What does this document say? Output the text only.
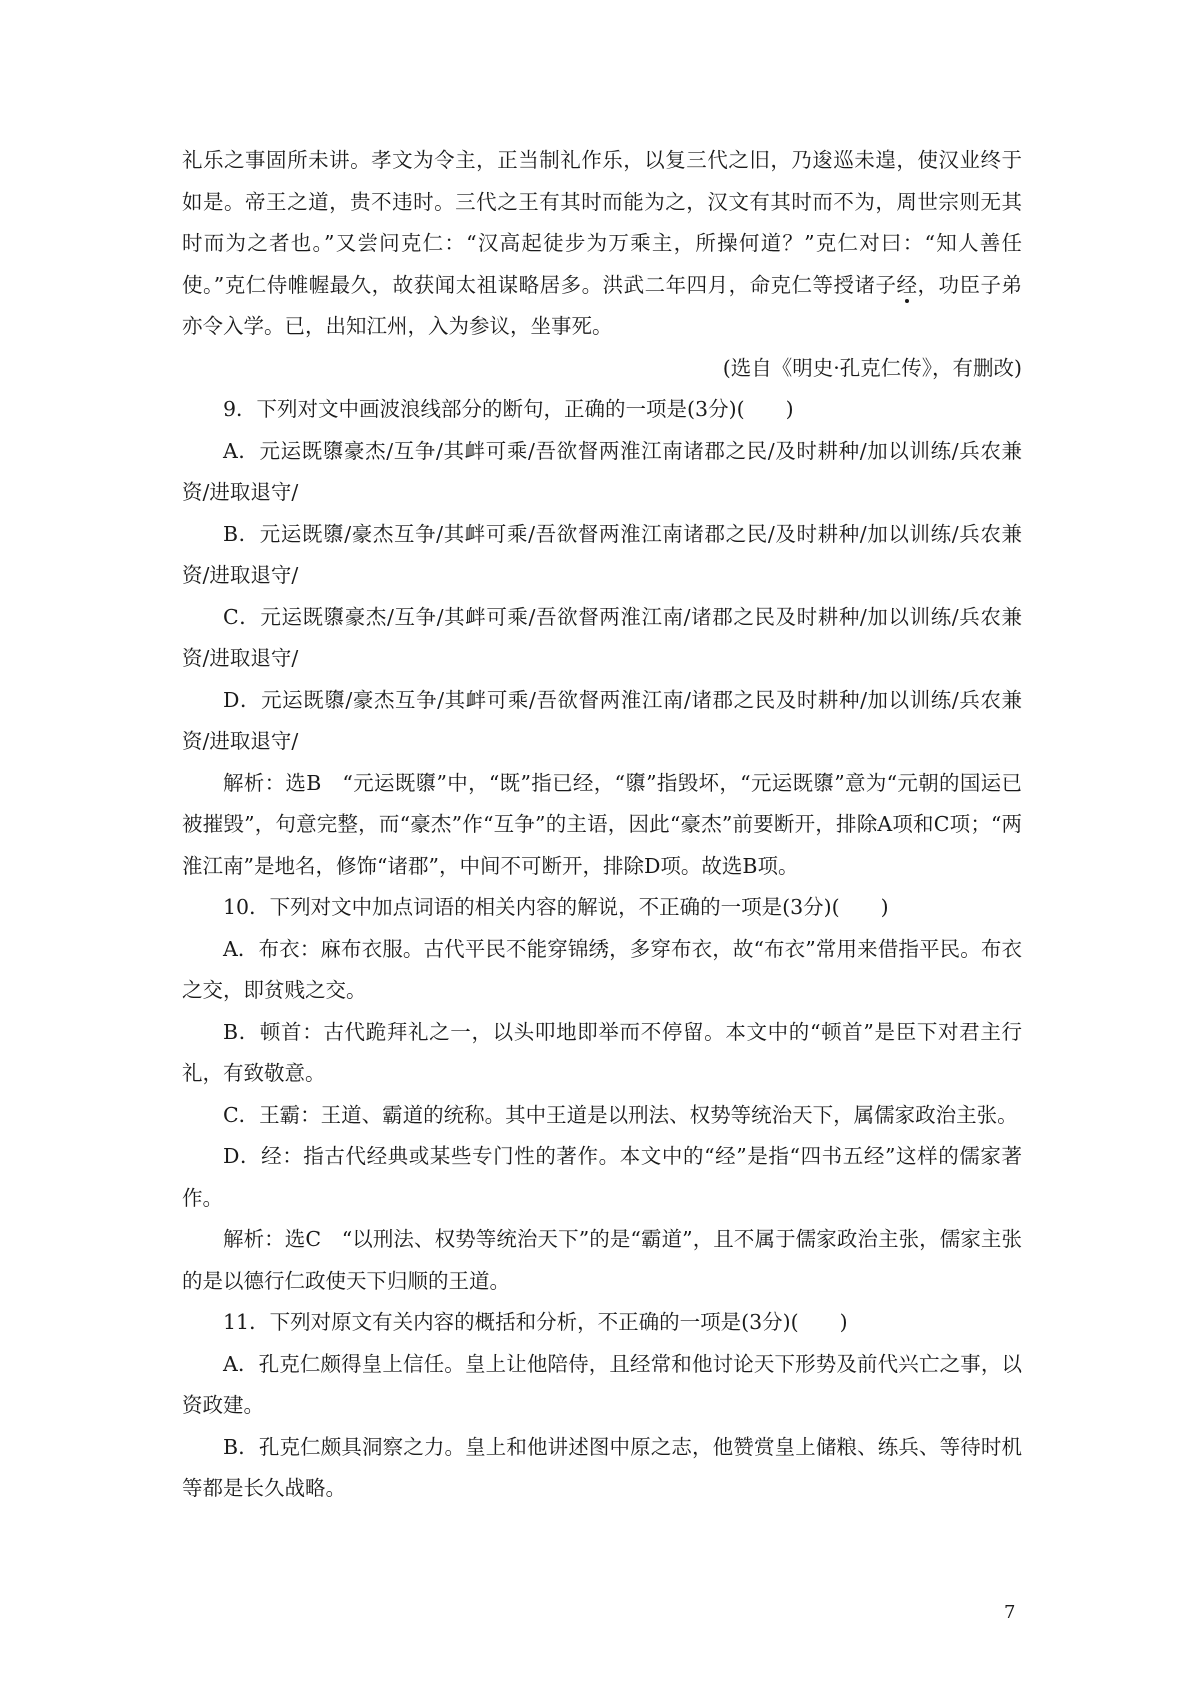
礼乐之事固所未讲。孝文为令主，正当制礼作乐，以复三代之旧，乃逡巡未遑，使汉业终于如是。帝王之道，贵不违时。三代之王有其时而能为之，汉文有其时而不为，周世宗则无其时而为之者也。”又尝问克仁：“汉高起徒步为万乘主，所操何道？”克仁对曰：“知人善任使。”克仁侍帷幄最久，故获闻太祖谋略居多。洪武二年四月，命克仁等授诸子经，功臣子弟亦令入学。已，出知江州，入为参议，坐事死。

(选自《明史·孔克仁传》，有删改)

9．下列对文中画波浪线部分的断句，正确的一项是(3分)(　　)

A．元运既隳豪杰/互争/其衅可乘/吾欲督两淮江南诸郡之民/及时耕种/加以训练/兵农兼资/进取退守/

B．元运既隳/豪杰互争/其衅可乘/吾欲督两淮江南诸郡之民/及时耕种/加以训练/兵农兼资/进取退守/

C．元运既隳豪杰/互争/其衅可乘/吾欲督两淮江南/诸郡之民及时耕种/加以训练/兵农兼资/进取退守/

D．元运既隳/豪杰互争/其衅可乘/吾欲督两淮江南/诸郡之民及时耕种/加以训练/兵农兼资/进取退守/

解析：选B　“元运既隳”中，“既”指已经，“隳”指毁坏，“元运既隳”意为“元朝的国运已被摧毁”，句意完整，而“豪杰”作“互争”的主语，因此“豪杰”前要断开，排除A项和C项；“两淮江南”是地名，修饰“诸郡”，中间不可断开，排除D项。故选B项。

10．下列对文中加点词语的相关内容的解说，不正确的一项是(3分)(　　)

A．布衣：麻布衣服。古代平民不能穿锦绣，多穿布衣，故“布衣”常用来借指平民。布衣之交，即贫贱之交。

B．顿首：古代跪拜礼之一，以头叩地即举而不停留。本文中的“顿首”是臣下对君主行礼，有致敬意。

C．王霸：王道、霸道的统称。其中王道是以刑法、权势等统治天下，属儒家政治主张。

D．经：指古代经典或某些专门性的著作。本文中的“经”是指“四书五经”这样的儒家著作。

解析：选C　“以刑法、权势等统治天下”的是“霸道”，且不属于儒家政治主张，儒家主张的是以德行仁政使天下归顺的王道。

11．下列对原文有关内容的概括和分析，不正确的一项是(3分)(　　)

A．孔克仁颇得皇上信任。皇上让他陪侍，且经常和他讨论天下形势及前代兴亡之事，以资政建。

B．孔克仁颇具洞察之力。皇上和他讲述图中原之志，他赞赏皇上储粮、练兵、等待时机等都是长久战略。

7
